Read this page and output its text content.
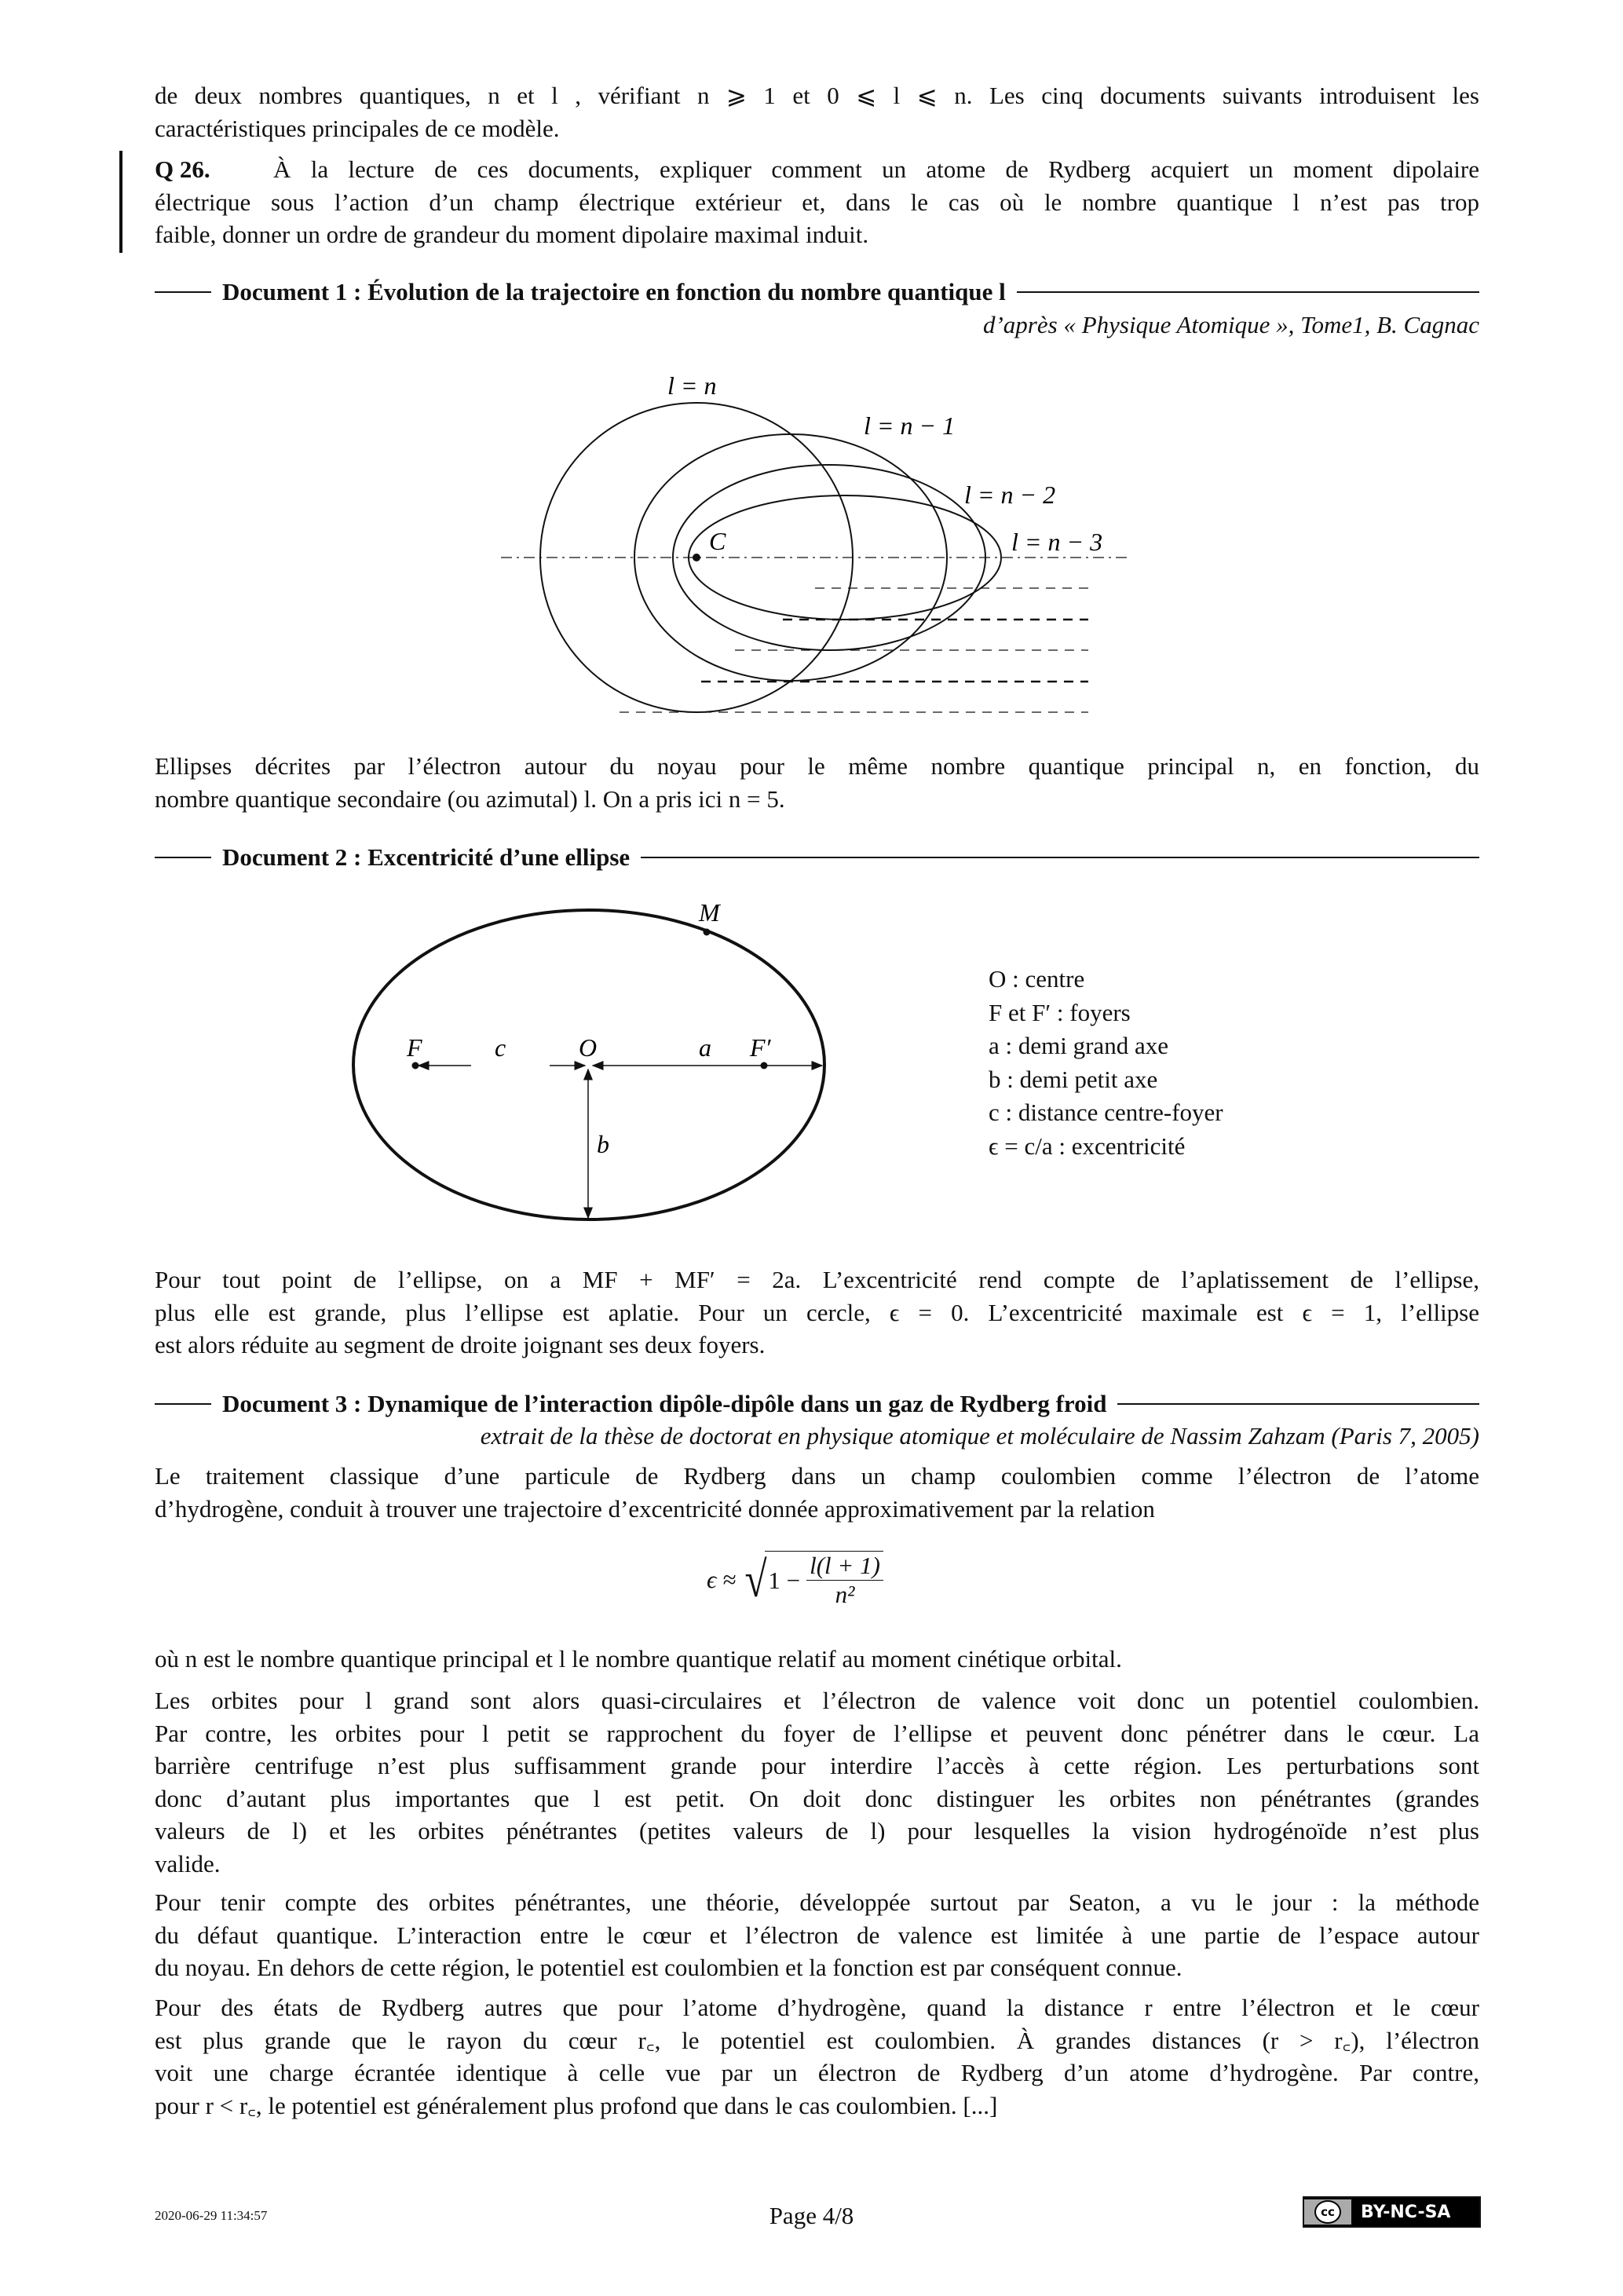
de deux nombres quantiques, n et l , vérifiant n ⩾ 1 et 0 ⩽ l ⩽ n. Les cinq documents suivants introduisent les
caractéristiques principales de ce modèle.
Q 26.	À la lecture de ces documents, expliquer comment un atome de Rydberg acquiert un moment dipolaire
électrique sous l’action d’un champ électrique extérieur et, dans le cas où le nombre quantique l n’est pas trop
faible, donner un ordre de grandeur du moment dipolaire maximal induit.
Document 1 : Évolution de la trajectoire en fonction du nombre quantique l
d’après « Physique Atomique », Tome1, B. Cagnac
C
l = n
l = n − 1
l = n − 2
l = n − 3
Ellipses décrites par l’électron autour du noyau pour le même nombre quantique principal n, en fonction, du
nombre quantique secondaire (ou azimutal) l. On a pris ici n = 5.
Document 2 : Excentricité d’une ellipse
M
F	c	O	a F′
b
O : centre
F et F′ : foyers
a : demi grand axe
b : demi petit axe
c : distance centre-foyer
ϵ = c/a : excentricité
Pour tout point de l’ellipse, on a MF + MF′ = 2a. L’excentricité rend compte de l’aplatissement de l’ellipse,
plus elle est grande, plus l’ellipse est aplatie. Pour un cercle, ϵ = 0. L’excentricité maximale est ϵ = 1, l’ellipse
est alors réduite au segment de droite joignant ses deux foyers.
Document 3 : Dynamique de l’interaction dipôle-dipôle dans un gaz de Rydberg froid
extrait de la thèse de doctorat en physique atomique et moléculaire de Nassim Zahzam (Paris 7, 2005)
Le traitement classique d’une particule de Rydberg dans un champ coulombien comme l’électron de l’atome
d’hydrogène, conduit à trouver une trajectoire d’excentricité donnée approximativement par la relation
ϵ ≈ √ $1 - \frac{l(l + 1)}{\text{n²}}$
où n est le nombre quantique principal et l le nombre quantique relatif au moment cinétique orbital.
Les orbites pour l grand sont alors quasi-circulaires et l’électron de valence voit donc un potentiel coulombien.
Par contre, les orbites pour l petit se rapprochent du foyer de l’ellipse et peuvent donc pénétrer dans le cœur. La
barrière centrifuge n’est plus suffisamment grande pour interdire l’accès à cette région. Les perturbations sont
donc d’autant plus importantes que l est petit. On doit donc distinguer les orbites non pénétrantes (grandes
valeurs de l) et les orbites pénétrantes (petites valeurs de l) pour lesquelles la vision hydrogénoïde n’est plus
valide.
Pour tenir compte des orbites pénétrantes, une théorie, développée surtout par Seaton, a vu le jour : la méthode
du défaut quantique. L’interaction entre le cœur et l’électron de valence est limitée à une partie de l’espace autour
du noyau. En dehors de cette région, le potentiel est coulombien et la fonction est par conséquent connue.
Pour des états de Rydberg autres que pour l’atome d’hydrogène, quand la distance r entre l’électron et le cœur
est plus grande que le rayon du cœur r꜀, le potentiel est coulombien. À grandes distances (r > r꜀), l’électron
voit une charge écrantée identique à celle vue par un électron de Rydberg d’un atome d’hydrogène. Par contre,
pour r < r꜀, le potentiel est généralement plus profond que dans le cas coulombien. [...]
2020-06-29 11:34:57	Page 4/8	cc	BY-NC-SA
